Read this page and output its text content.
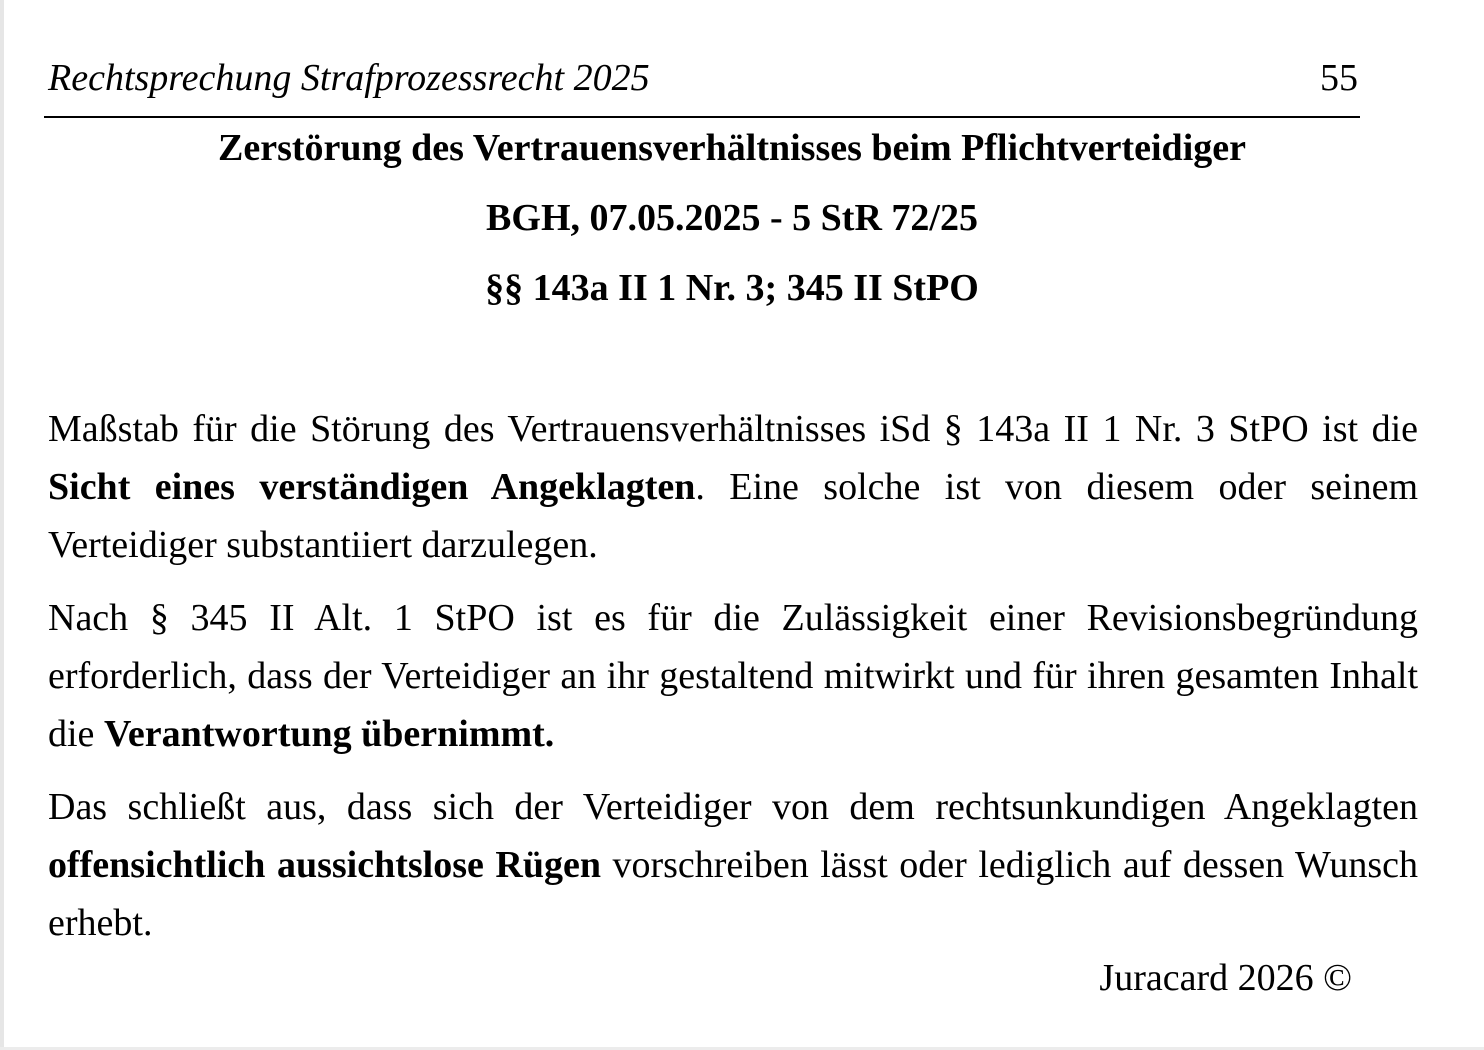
Rechtsprechung Strafprozessrecht 2025	55
Zerstörung des Vertrauensverhältnisses beim Pflichtverteidiger
BGH, 07.05.2025 - 5 StR 72/25
§§ 143a II 1 Nr. 3; 345 II StPO
Maßstab für die Störung des Vertrauensverhältnisses iSd § 143a II 1 Nr. 3 StPO ist die Sicht eines verständigen Angeklagten. Eine solche ist von diesem oder seinem Verteidiger substantiiert darzulegen.
Nach § 345 II Alt. 1 StPO ist es für die Zulässigkeit einer Revisionsbegründung erforderlich, dass der Verteidiger an ihr gestaltend mitwirkt und für ihren gesamten Inhalt die Verantwortung übernimmt.
Das schließt aus, dass sich der Verteidiger von dem rechtsunkundigen Angeklagten offensichtlich aussichtslose Rügen vorschreiben lässt oder lediglich auf dessen Wunsch erhebt.
Juracard 2026 ©
